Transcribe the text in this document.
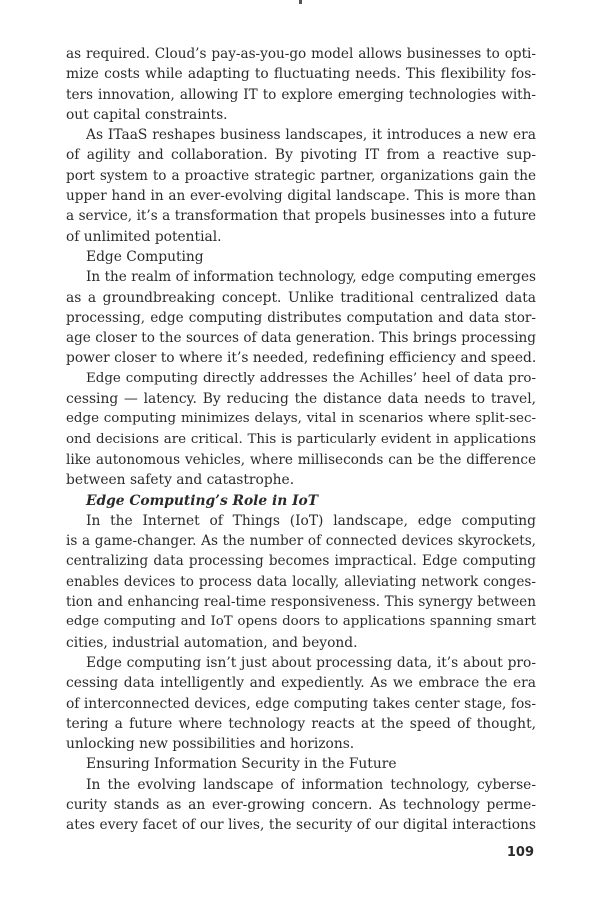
as required. Cloud’s pay-as-you-go model allows businesses to opti-
mize costs while adapting to fluctuating needs. This flexibility fos-
ters innovation, allowing IT to explore emerging technologies with-
out capital constraints.
As ITaaS reshapes business landscapes, it introduces a new era
of agility and collaboration. By pivoting IT from a reactive sup-
port system to a proactive strategic partner, organizations gain the
upper hand in an ever-evolving digital landscape. This is more than
a service, it’s a transformation that propels businesses into a future
of unlimited potential.
Edge Computing
In the realm of information technology, edge computing emerges
as a groundbreaking concept. Unlike traditional centralized data
processing, edge computing distributes computation and data stor-
age closer to the sources of data generation. This brings processing
power closer to where it’s needed, redefining efficiency and speed.
Edge computing directly addresses the Achilles’ heel of data pro-
cessing — latency. By reducing the distance data needs to travel,
edge computing minimizes delays, vital in scenarios where split-sec-
ond decisions are critical. This is particularly evident in applications
like autonomous vehicles, where milliseconds can be the difference
between safety and catastrophe.
Edge Computing’s Role in IoT
In the Internet of Things (IoT) landscape, edge computing
is a game-changer. As the number of connected devices skyrockets,
centralizing data processing becomes impractical. Edge computing
enables devices to process data locally, alleviating network conges-
tion and enhancing real-time responsiveness. This synergy between
edge computing and IoT opens doors to applications spanning smart
cities, industrial automation, and beyond.
Edge computing isn’t just about processing data, it’s about pro-
cessing data intelligently and expediently. As we embrace the era
of interconnected devices, edge computing takes center stage, fos-
tering a future where technology reacts at the speed of thought,
unlocking new possibilities and horizons.
Ensuring Information Security in the Future
In the evolving landscape of information technology, cyberse-
curity stands as an ever-growing concern. As technology perme-
ates every facet of our lives, the security of our digital interactions
109
